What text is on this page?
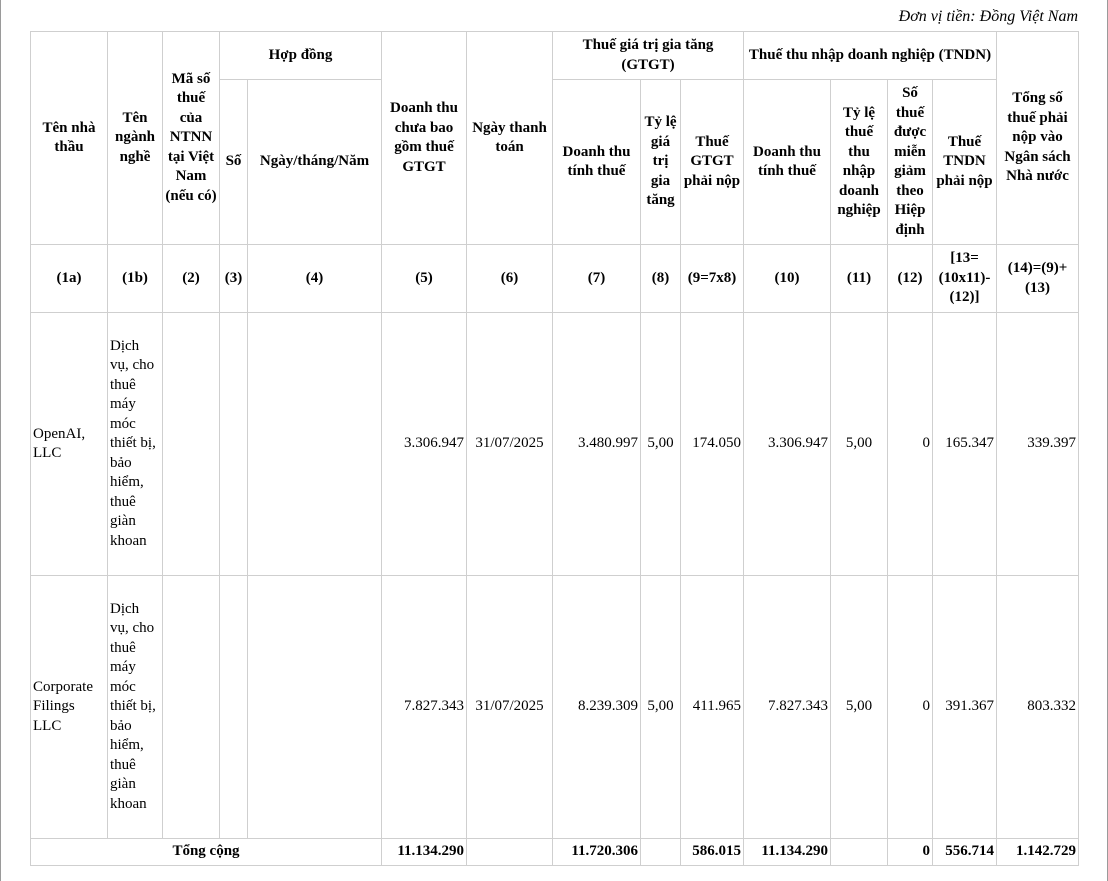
Đơn vị tiền: Đồng Việt Nam
Tên nhà thầu	Tên ngành nghề	Mã số thuế của NTNN tại Việt Nam (nếu có)	Hợp đồng		Doanh thu chưa bao gồm thuế GTGT	Ngày thanh toán	Thuế giá trị gia tăng (GTGT)			Thuế thu nhập doanh nghiệp (TNDN)				Tổng số thuế phải nộp vào Ngân sách Nhà nước
			Số	Ngày/tháng/Năm			Doanh thu tính thuế	Tỷ lệ giá trị gia tăng	Thuế GTGT phải nộp	Doanh thu tính thuế	Tỷ lệ thuế thu nhập doanh nghiệp	Số thuế được miễn giảm theo Hiệp định	Thuế TNDN phải nộp	
(1a)	(1b)	(2)	(3)	(4)	(5)	(6)	(7)	(8)	(9=7x8)	(10)	(11)	(12)	[13=(10x11)-(12)]	(14)=(9)+(13)
OpenAI, LLC	Dịch vụ, cho thuê máy móc thiết bị, bảo hiểm, thuê giàn khoan				3.306.947	31/07/2025	3.480.997	5,00	174.050	3.306.947	5,00	0	165.347	339.397
Corporate Filings LLC	Dịch vụ, cho thuê máy móc thiết bị, bảo hiểm, thuê giàn khoan				7.827.343	31/07/2025	8.239.309	5,00	411.965	7.827.343	5,00	0	391.367	803.332
Tổng cộng					11.134.290		11.720.306		586.015	11.134.290		0	556.714	1.142.729
